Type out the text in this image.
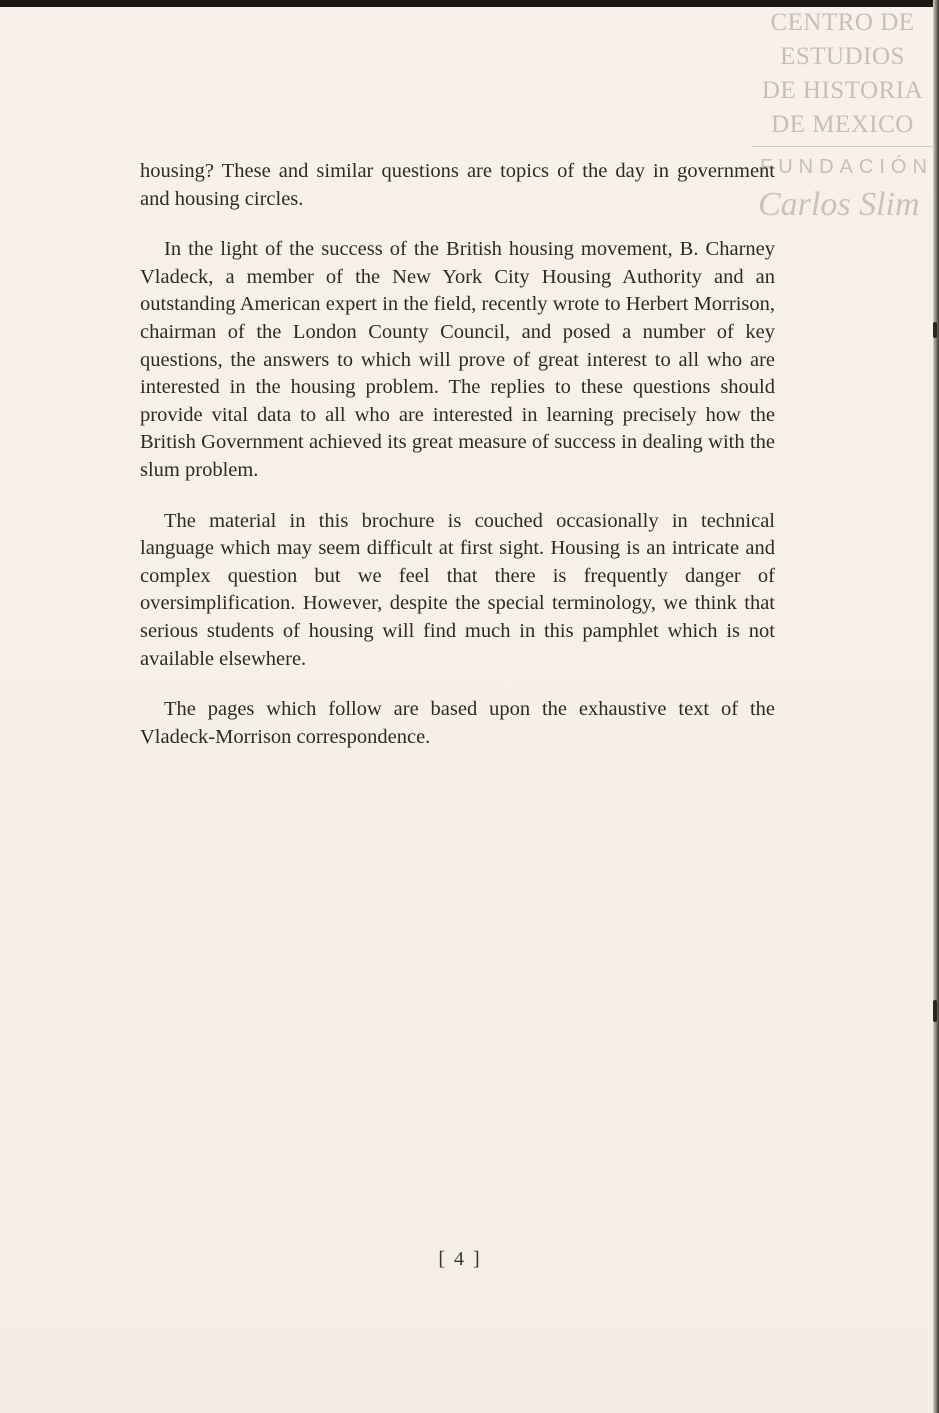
CENTRO DE
ESTUDIOS
DE HISTORIA
DE MEXICO
FUNDACIÓN
Carlos Slim

housing? These and similar questions are topics of the day in government and housing circles.

In the light of the success of the British housing movement, B. Charney Vladeck, a member of the New York City Housing Authority and an outstanding American expert in the field, recently wrote to Herbert Morrison, chairman of the London County Council, and posed a number of key questions, the answers to which will prove of great interest to all who are interested in the housing problem. The replies to these questions should provide vital data to all who are interested in learning precisely how the British Government achieved its great measure of success in dealing with the slum problem.

The material in this brochure is couched occasionally in technical language which may seem difficult at first sight. Housing is an intricate and complex question but we feel that there is frequently danger of oversimplification. However, despite the special terminology, we think that serious students of housing will find much in this pamphlet which is not available elsewhere.

The pages which follow are based upon the exhaustive text of the Vladeck-Morrison correspondence.

[ 4 ]
